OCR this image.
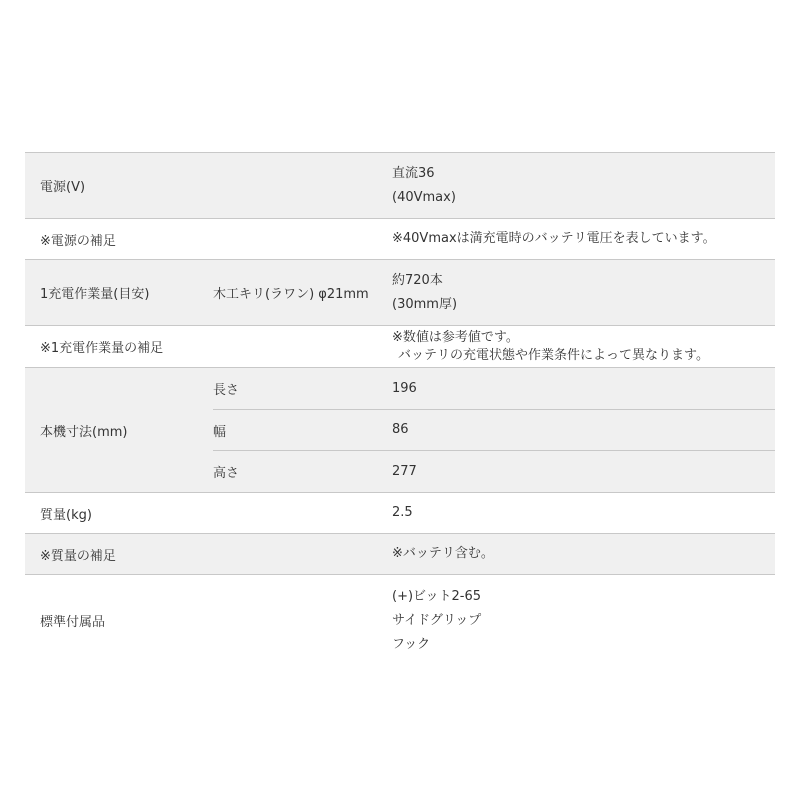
電源(V)		直流36
(40Vmax)

※電源の補足		※40Vmaxは満充電時のバッテリ電圧を表しています。
1充電作業量(目安)	木工キリ(ラワン) φ21mm	約720本
(30mm厚)

※1充電作業量の補足		※数値は参考値です。
バッテリの充電状態や作業条件によって異なります。

本機寸法(mm)	長さ	196
	幅	86
	高さ	277
質量(kg)		2.5
※質量の補足		※バッテリ含む。
標準付属品		(+)ビット2-65
サイドグリップ
フック
